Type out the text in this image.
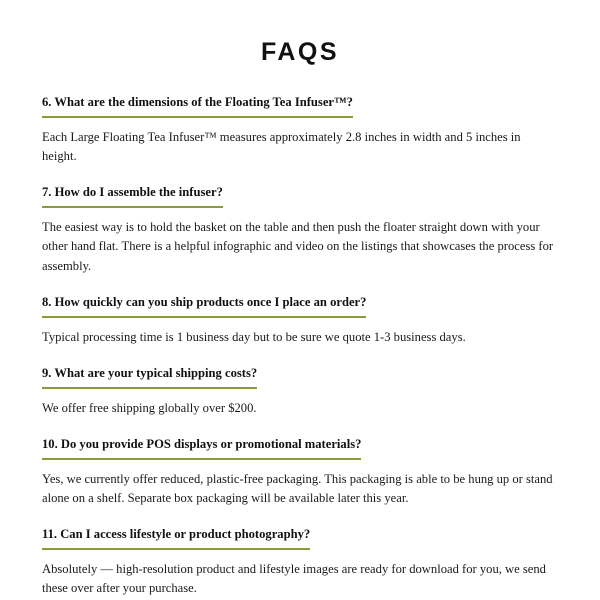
FAQS
6. What are the dimensions of the Floating Tea Infuser™?

Each Large Floating Tea Infuser™ measures approximately 2.8 inches in width and 5 inches in height.

7. How do I assemble the infuser?

The easiest way is to hold the basket on the table and then push the floater straight down with your other hand flat. There is a helpful infographic and video on the listings that showcases the process for assembly.

8. How quickly can you ship products once I place an order?

Typical processing time is 1 business day but to be sure we quote 1-3 business days.

9. What are your typical shipping costs?

We offer free shipping globally over $200.

10. Do you provide POS displays or promotional materials?

Yes, we currently offer reduced, plastic-free packaging. This packaging is able to be hung up or stand alone on a shelf. Separate box packaging will be available later this year.

11. Can I access lifestyle or product photography?

Absolutely — high-resolution product and lifestyle images are ready for download for you, we send these over after your purchase.
